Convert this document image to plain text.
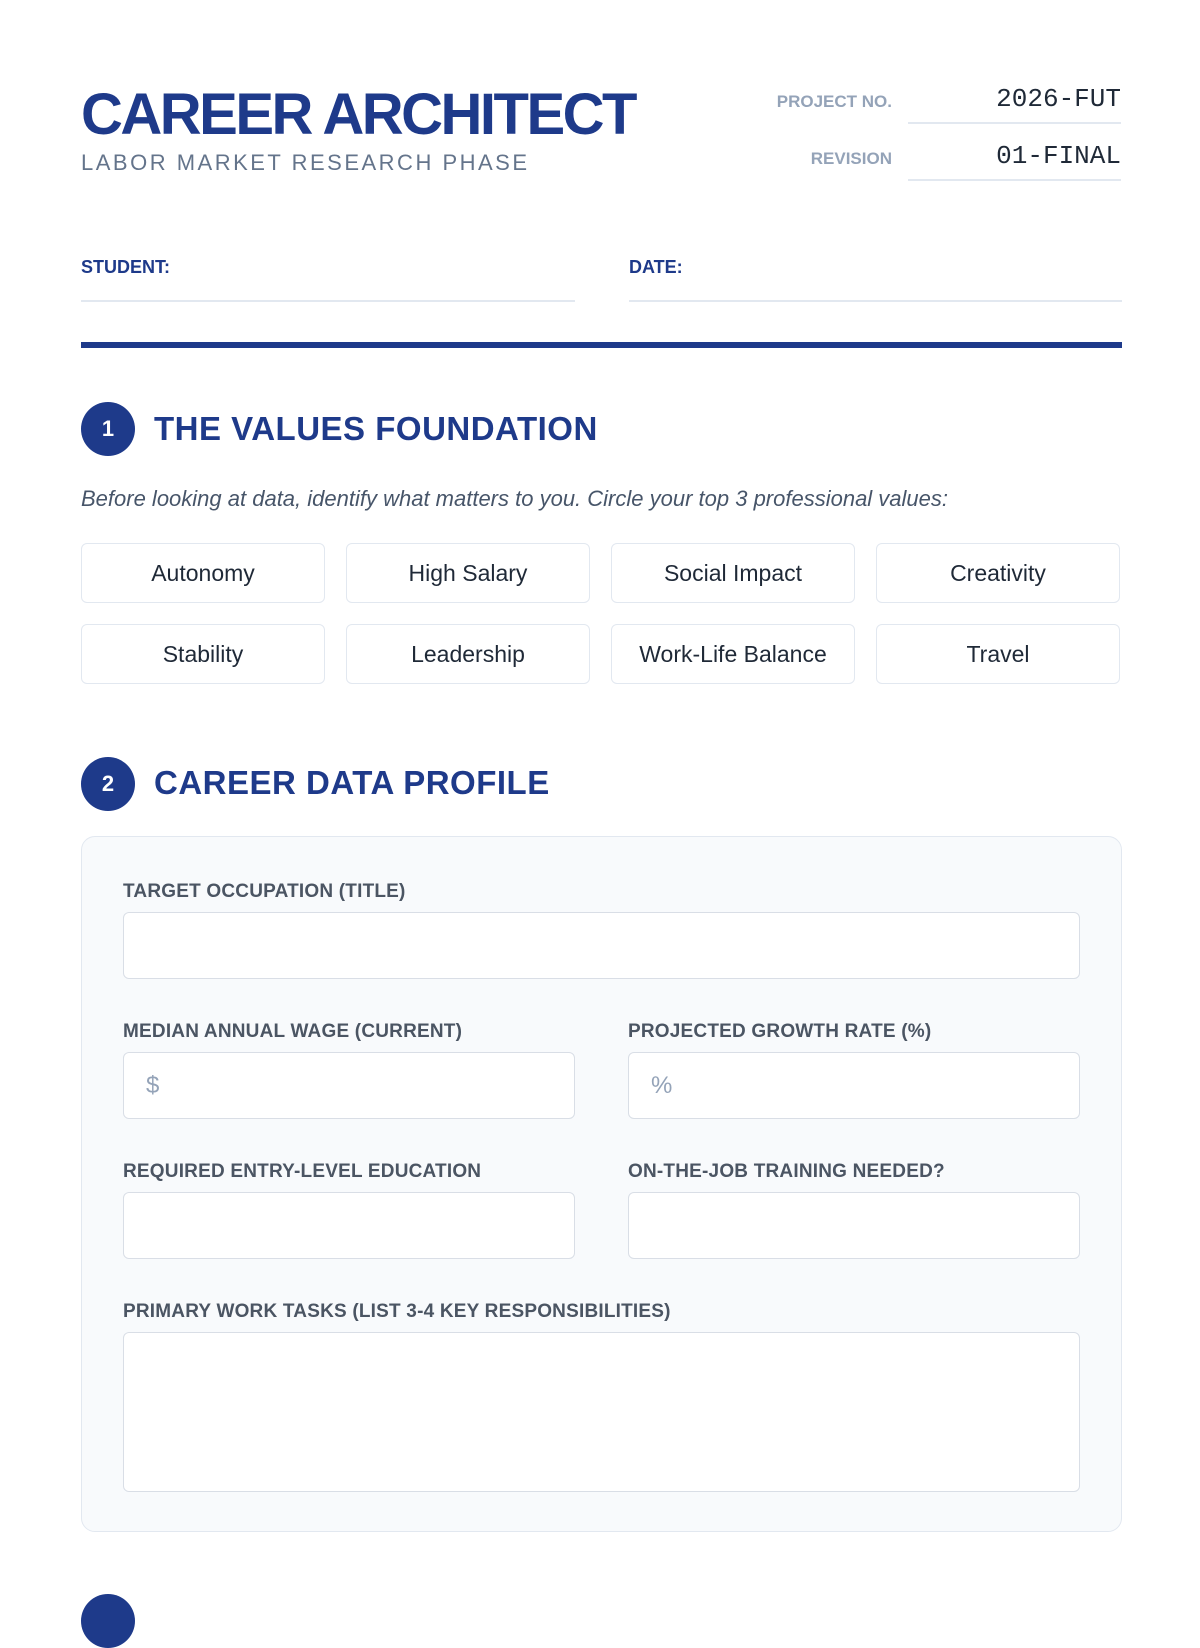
CAREER ARCHITECT
LABOR MARKET RESEARCH PHASE
PROJECT NO.	2026-FUT
REVISION	01-FINAL
STUDENT:	DATE:
1	THE VALUES FOUNDATION
Before looking at data, identify what matters to you. Circle your top 3 professional values:
Autonomy	High Salary	Social Impact	Creativity
Stability	Leadership	Work-Life Balance	Travel
2	CAREER DATA PROFILE
TARGET OCCUPATION (TITLE)
MEDIAN ANNUAL WAGE (CURRENT)
$
PROJECTED GROWTH RATE (%)
%
REQUIRED ENTRY-LEVEL EDUCATION	ON-THE-JOB TRAINING NEEDED?
PRIMARY WORK TASKS (LIST 3-4 KEY RESPONSIBILITIES)
